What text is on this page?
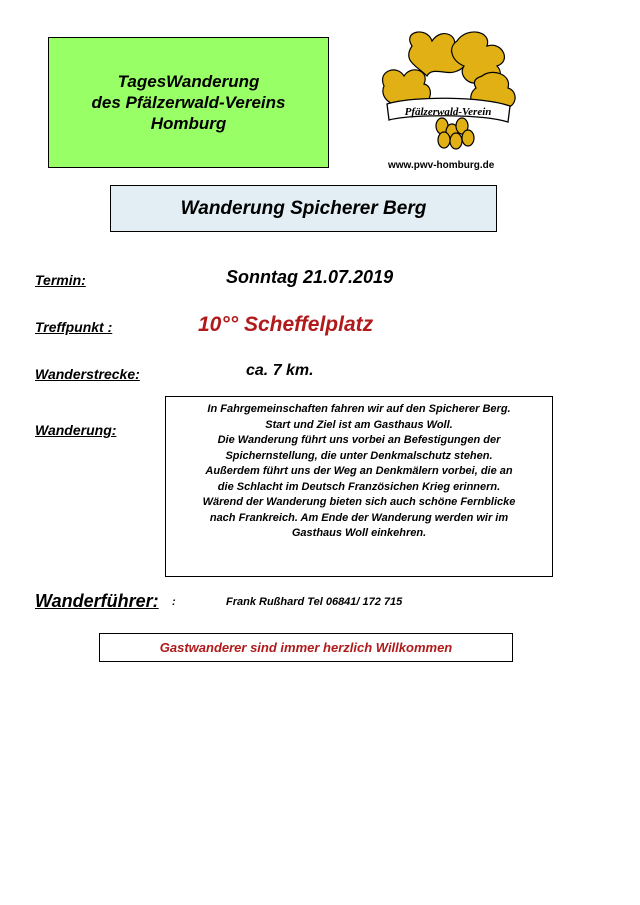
TagesWanderung
des Pfälzerwald-Vereins
Homburg
Pfälzerwald-Verein
www.pwv-homburg.de
Wanderung Spicherer Berg
Termin:	Sonntag 21.07.2019
Treffpunkt :	10°° Scheffelplatz
Wanderstrecke:	ca. 7 km.
Wanderung:
In Fahrgemeinschaften fahren wir auf den Spicherer Berg.
Start und Ziel ist am Gasthaus Woll.
Die Wanderung führt uns vorbei an Befestigungen der
Spichernstellung, die unter Denkmalschutz stehen.
Außerdem führt uns der Weg an Denkmälern vorbei, die an
die Schlacht im Deutsch Französichen Krieg erinnern.
Wärend der Wanderung bieten sich auch schöne Fernblicke
nach Frankreich. Am Ende der Wanderung werden wir im
Gasthaus Woll einkehren.
Wanderführer: :	Frank Rußhard Tel 06841/ 172 715
Gastwanderer sind immer herzlich Willkommen
